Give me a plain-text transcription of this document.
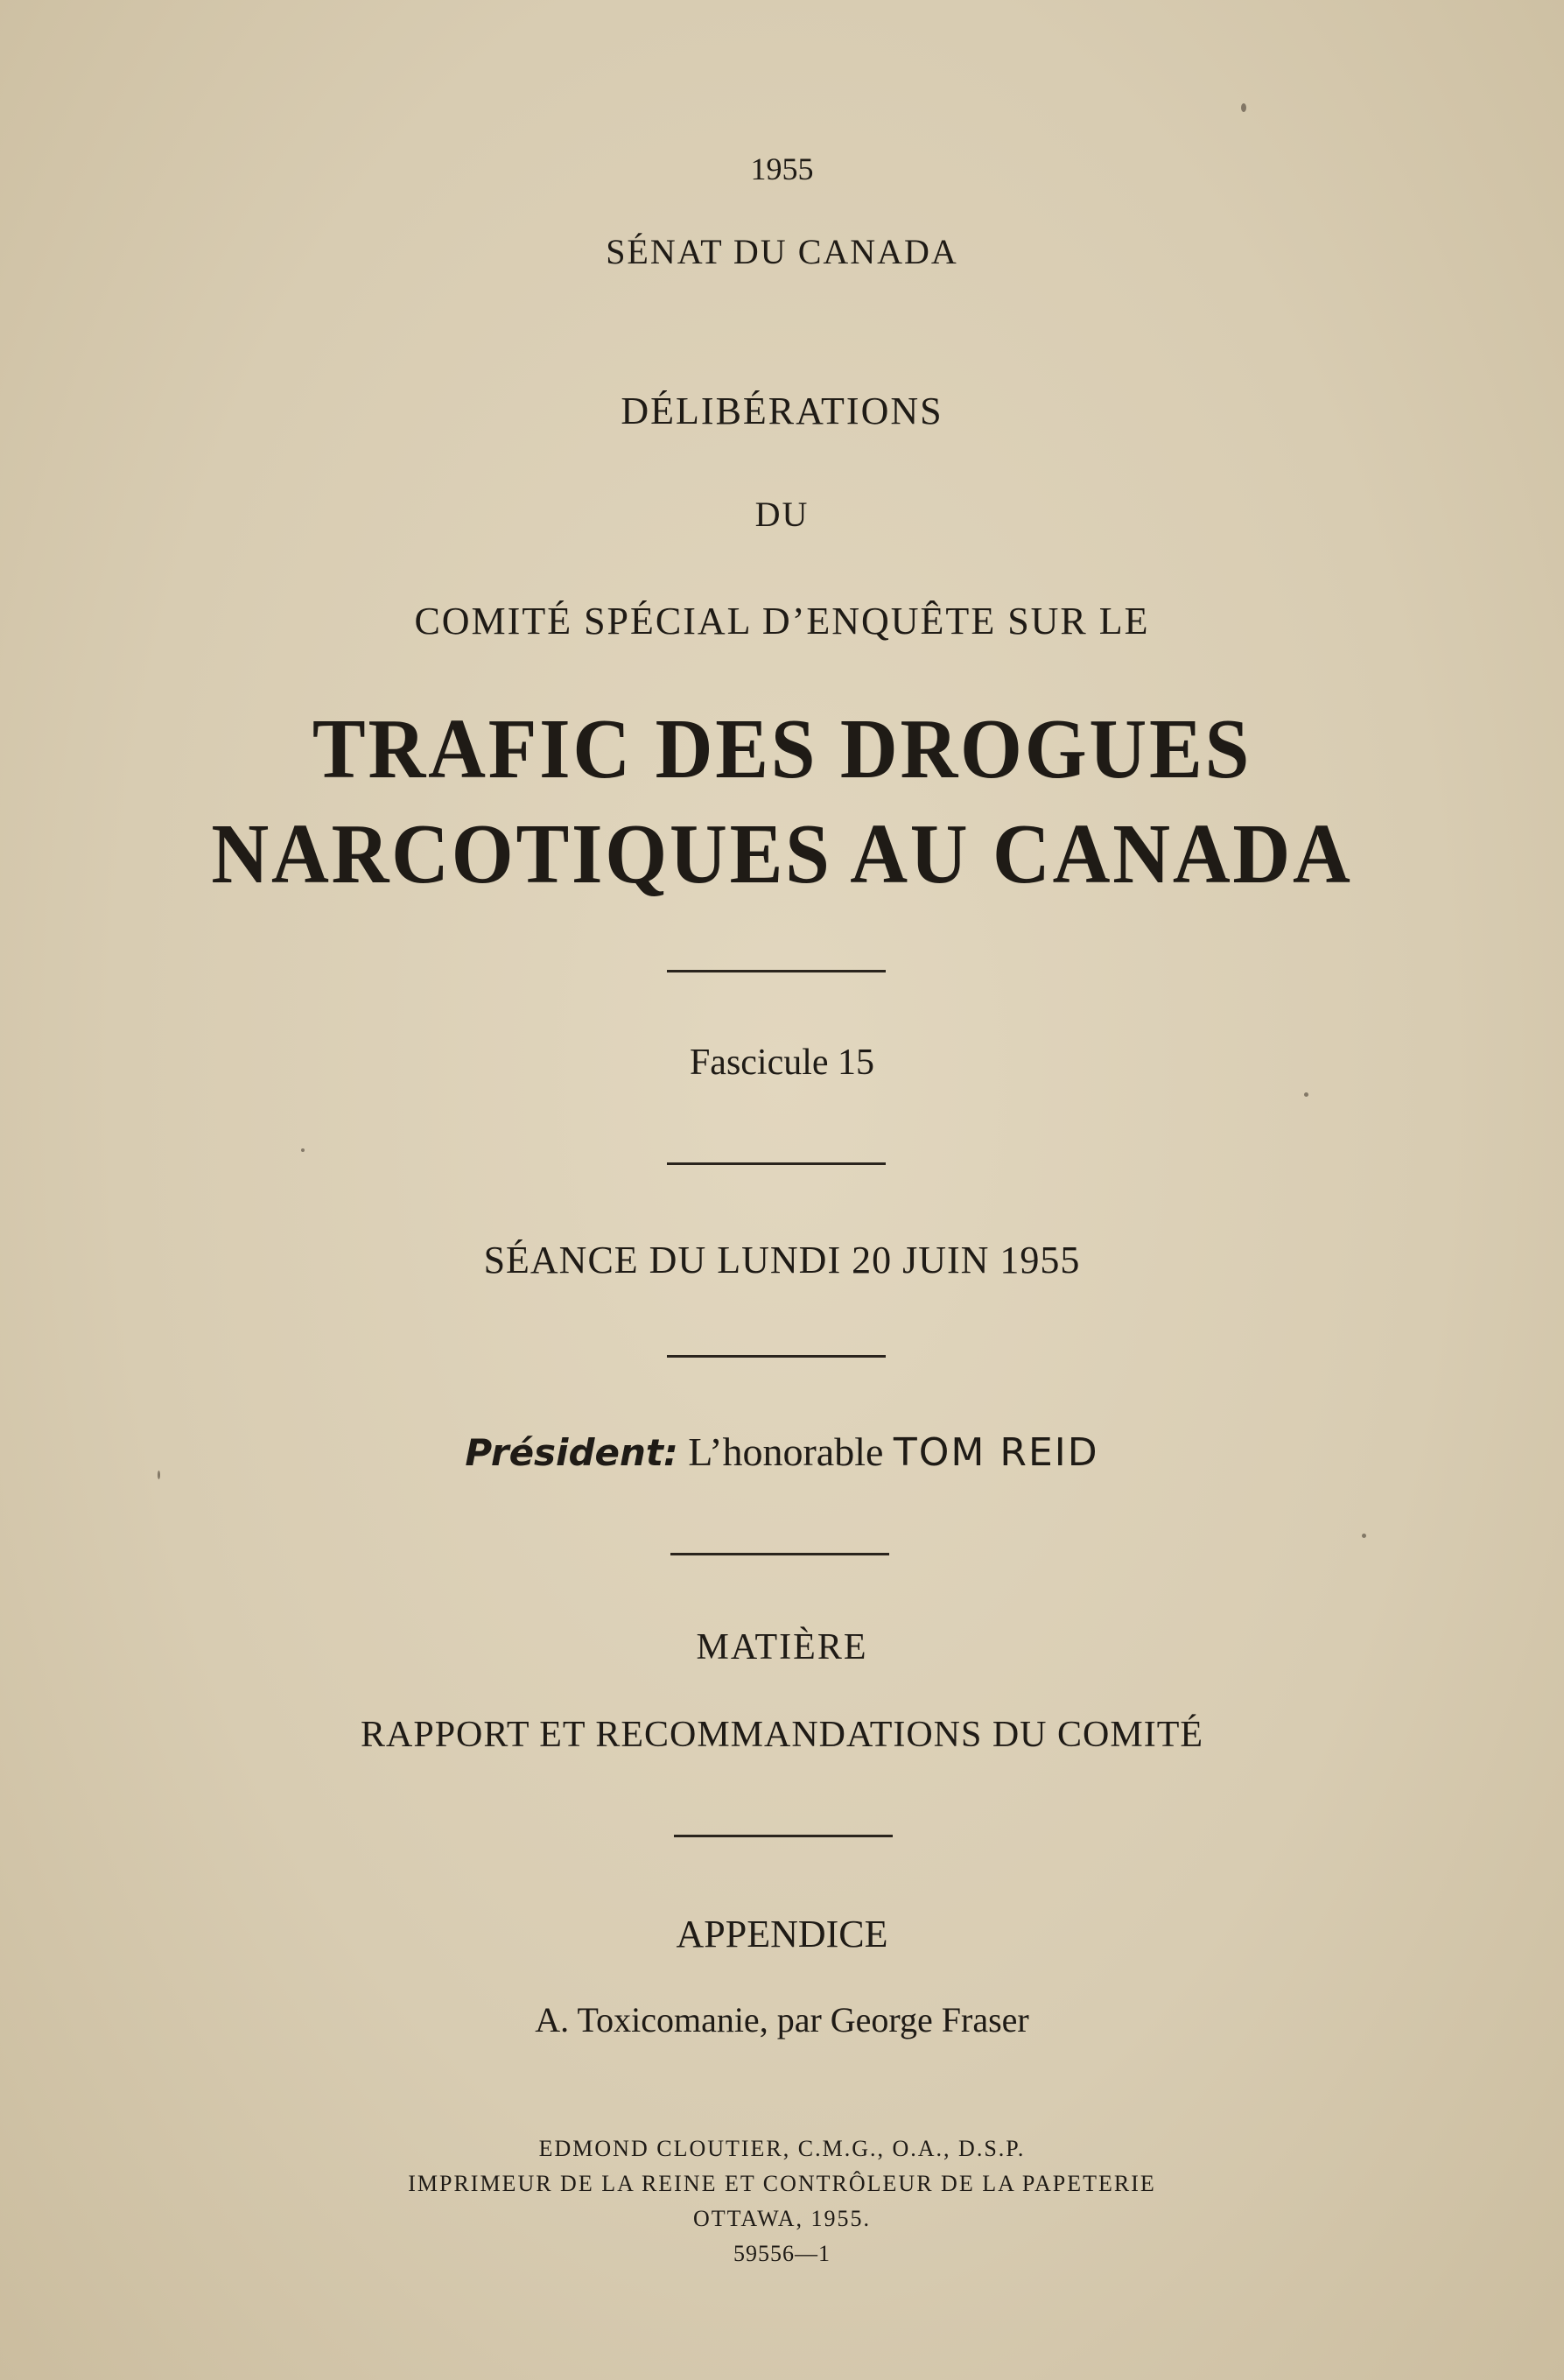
1955
SÉNAT DU CANADA
DÉLIBÉRATIONS
DU
COMITÉ SPÉCIAL D’ENQUÊTE SUR LE
TRAFIC DES DROGUES
NARCOTIQUES AU CANADA
Fascicule 15
SÉANCE DU LUNDI 20 JUIN 1955
Président: L’honorable TOM REID
MATIÈRE
RAPPORT ET RECOMMANDATIONS DU COMITÉ
APPENDICE
A. Toxicomanie, par George Fraser
EDMOND CLOUTIER, C.M.G., O.A., D.S.P.
IMPRIMEUR DE LA REINE ET CONTRÔLEUR DE LA PAPETERIE
OTTAWA, 1955.
59556—1
